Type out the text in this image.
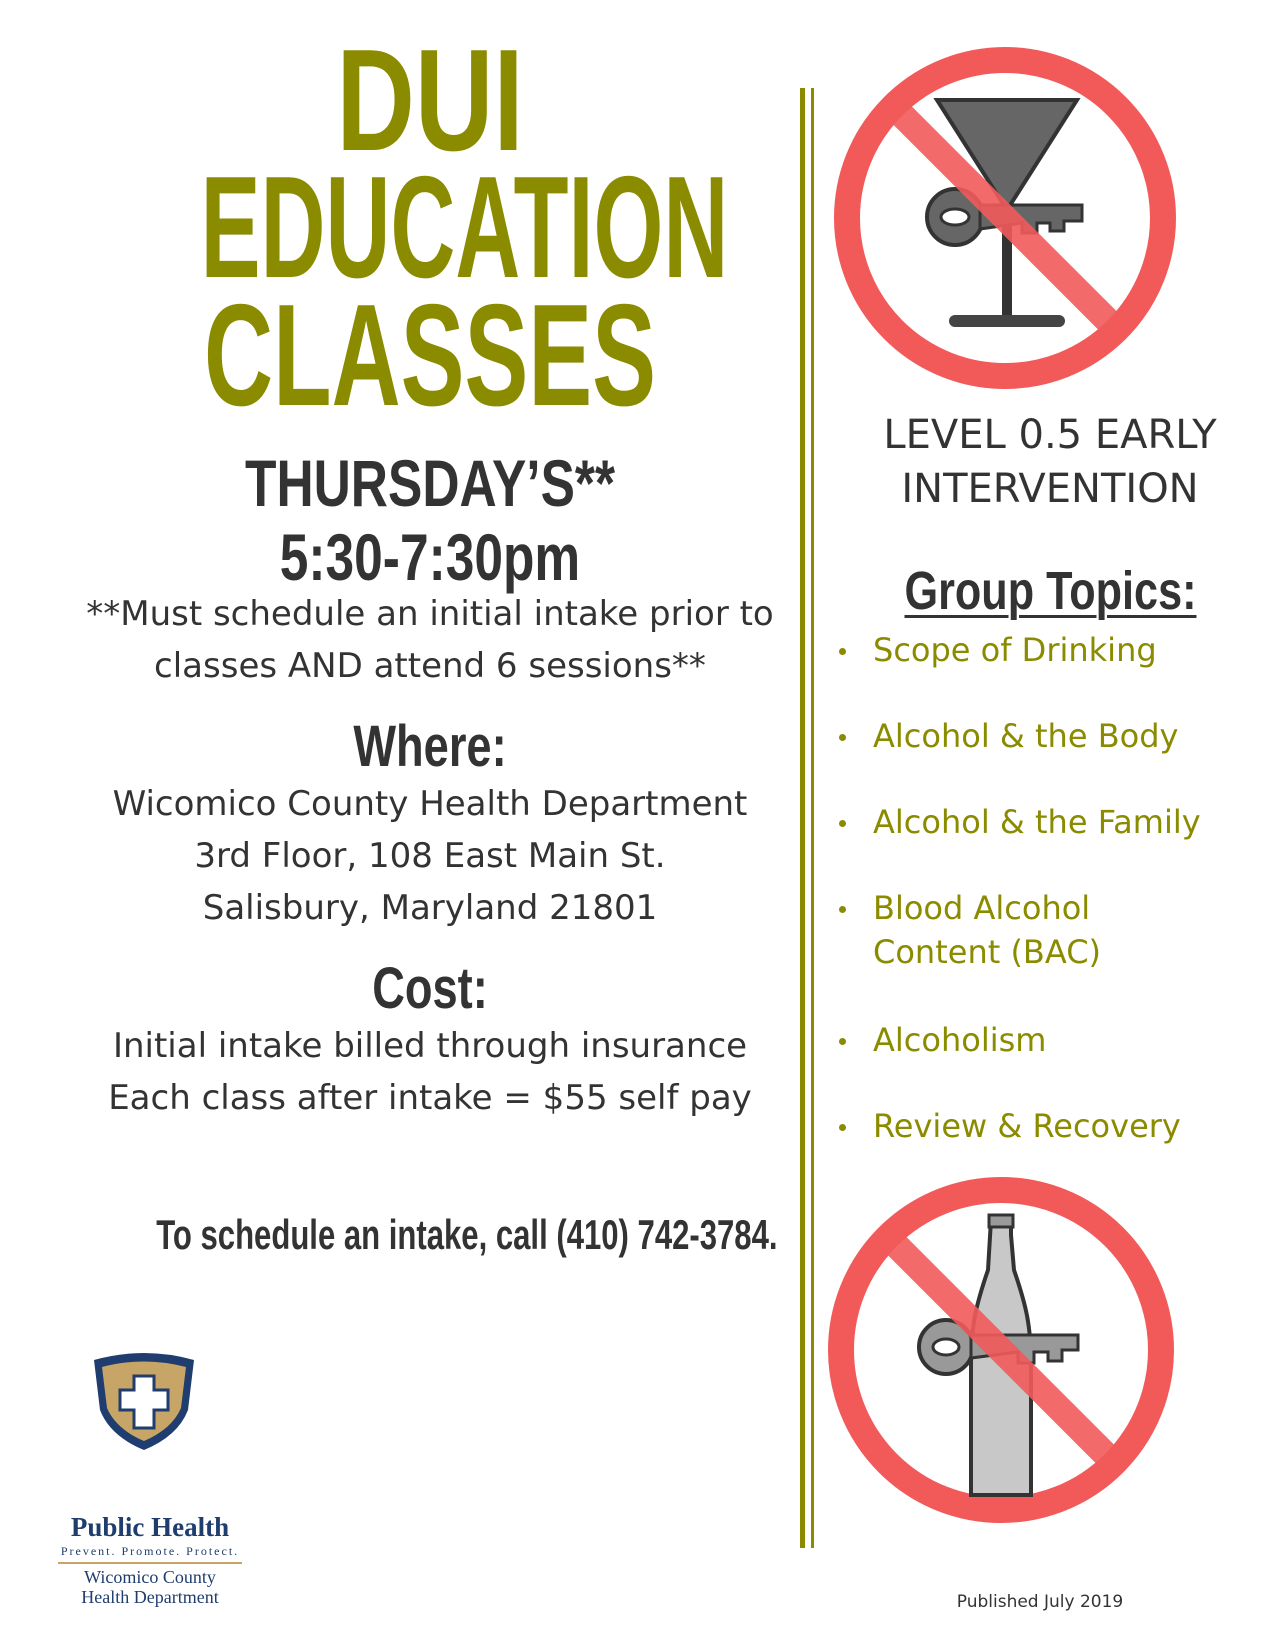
DUI
EDUCATION
CLASSES
THURSDAY’S**
5:30-7:30pm
**Must schedule an initial intake prior to
classes AND attend 6 sessions**
Where:
Wicomico County Health Department
3rd Floor, 108 East Main St.
Salisbury, Maryland 21801
Cost:
Initial intake billed through insurance
Each class after intake = $55 self pay
To schedule an intake, call (410) 742-3784.
LEVEL 0.5 EARLY
INTERVENTION
Group Topics:
Scope of Drinking
Alcohol & the Body
Alcohol & the Family
Blood Alcohol Content (BAC)
Alcoholism
Review & Recovery
Public Health
Prevent. Promote. Protect.
Wicomico County
Health Department	Published July 2019
